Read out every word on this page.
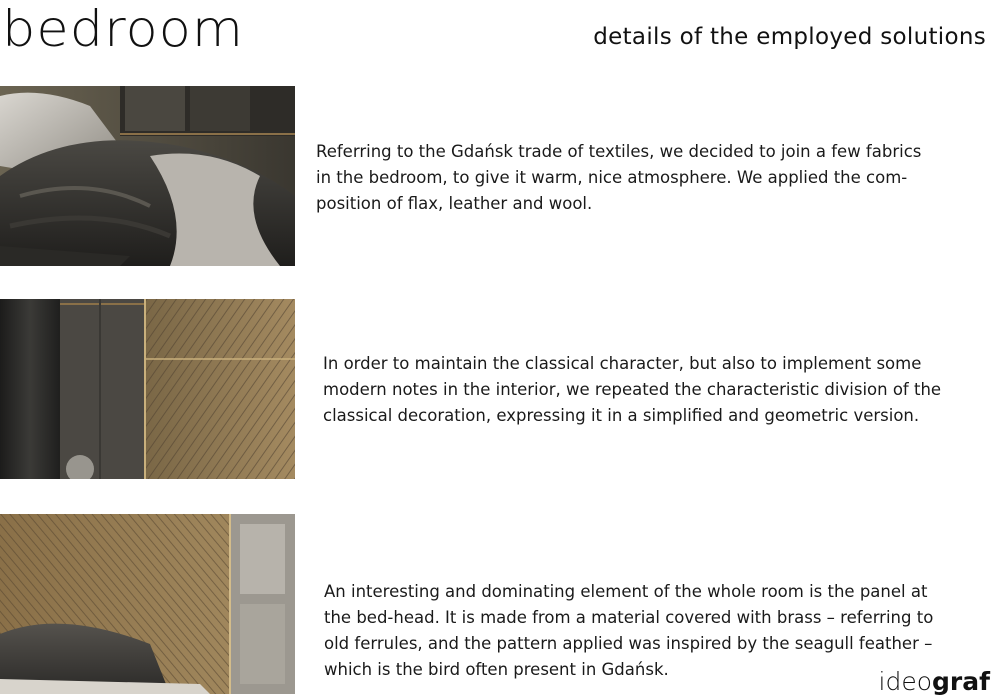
bedroom	details of the employed solutions

Referring to the Gdańsk trade of textiles, we decided to join a few fabrics
in the bedroom, to give it warm, nice atmosphere. We applied the com-
position of flax, leather and wool.

In order to maintain the classical character, but also to implement some
modern notes in the interior, we repeated the characteristic division of the
classical decoration, expressing it in a simplified and geometric version.

An interesting and dominating element of the whole room is the panel at
the bed-head. It is made from a material covered with brass – referring to
old ferrules, and the pattern applied was inspired by the seagull feather –
which is the bird often present in Gdańsk.	ideograf
